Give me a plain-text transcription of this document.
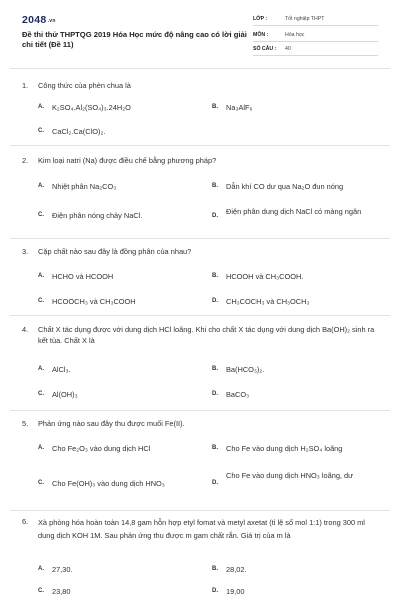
2048.vn
Đề thi thử THPTQG 2019 Hóa Học mức độ nâng cao có lời giải chi tiết (Đề 11)
LỚP :	Tốt nghiệp THPT
MÔN :	Hóa học
SỐ CÂU : 40
1.	Công thức của phèn chua là
A.	K₂SO₄.Al₂(SO₄)₃.24H₂O	B.	Na₃AlF₆
C.	CaCl₂.Ca(ClO)₂.
2.	Kim loại natri (Na) được điều chế bằng phương pháp?
A.	Nhiệt phân Na₂CO₃	B.	Dẫn khí CO dư qua Na₂O đun nóng
C.	Điện phân nóng chảy NaCl.	D.	Điện phân dung dịch NaCl có màng ngăn
3.	Cặp chất nào sau đây là đồng phân của nhau?
A.	HCHO và HCOOH	B.	HCOOH và CH₃COOH.
C.	HCOOCH₃ và CH₃COOH	D.	CH₃COCH₃ và CH₃OCH₃
4.	Chất X tác dụng được với dung dịch HCl loãng. Khi cho chất X tác dụng với dung dịch Ba(OH)₂ sinh ra kết tủa. Chất X là
A.	AlCl₃.	B.	Ba(HCO₃)₂.
C.	Al(OH)₃	D.	BaCO₃
5.	Phản ứng nào sau đây thu được muối Fe(II).
A.	Cho Fe₂O₃ vào dung dịch HCl	B.	Cho Fe vào dung dịch H₂SO₄ loãng
C.	Cho Fe(OH)₃ vào dung dịch HNO₃	D.
Cho Fe vào dung dịch HNO₃ loãng, dư
6.	Xà phòng hóa hoàn toàn 14,8 gam hỗn hợp etyl fomat và metyl axetat (tỉ lệ số mol 1:1) trong 300 ml dung dịch KOH 1M. Sau phản ứng thu được m gam chất rắn. Giá trị của m là
A.	27,30.	B.	28,02.
C.	23,80	D.	19,00
